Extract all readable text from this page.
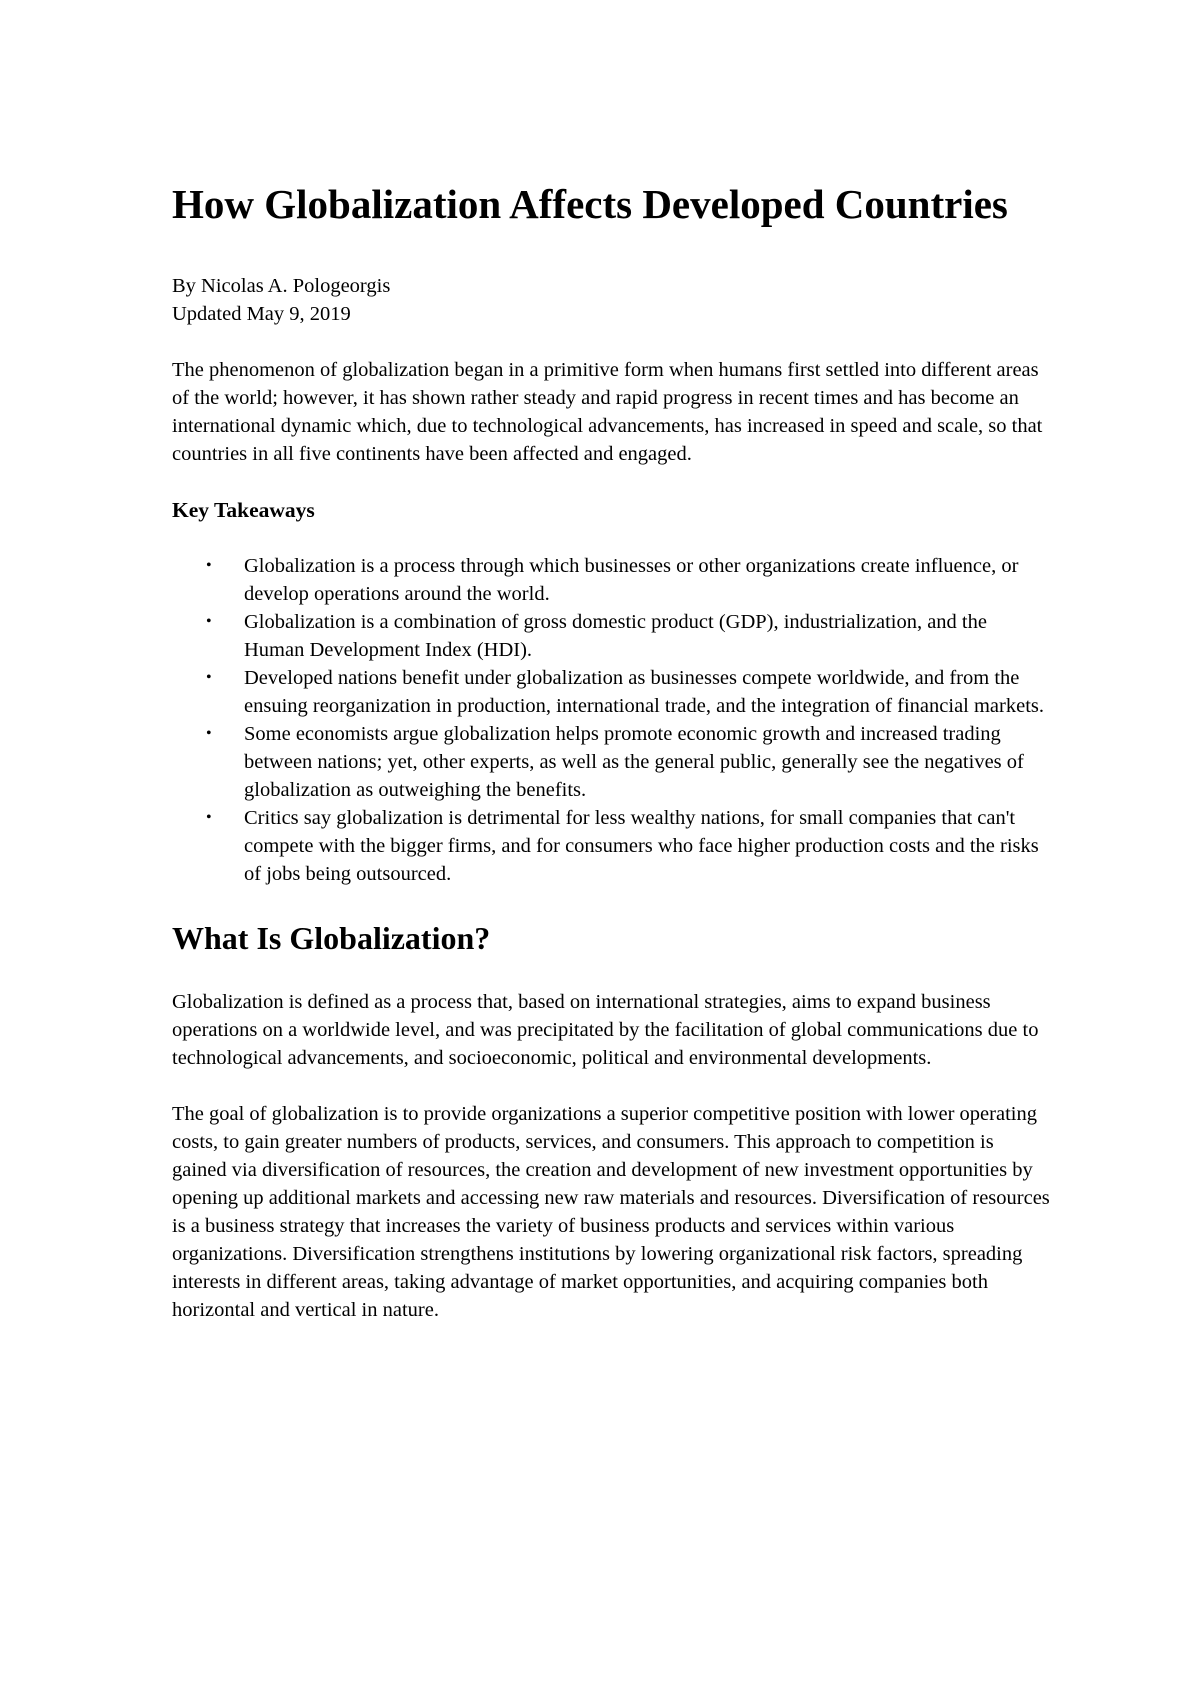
How Globalization Affects Developed Countries
By Nicolas A. Pologeorgis
Updated May 9, 2019

The phenomenon of globalization began in a primitive form when humans first settled into different areas of the world; however, it has shown rather steady and rapid progress in recent times and has become an international dynamic which, due to technological advancements, has increased in speed and scale, so that countries in all five continents have been affected and engaged.

Key Takeaways
• Globalization is a process through which businesses or other organizations create influence, or develop operations around the world.
• Globalization is a combination of gross domestic product (GDP), industrialization, and the Human Development Index (HDI).
• Developed nations benefit under globalization as businesses compete worldwide, and from the ensuing reorganization in production, international trade, and the integration of financial markets.
• Some economists argue globalization helps promote economic growth and increased trading between nations; yet, other experts, as well as the general public, generally see the negatives of globalization as outweighing the benefits.
• Critics say globalization is detrimental for less wealthy nations, for small companies that can't compete with the bigger firms, and for consumers who face higher production costs and the risks of jobs being outsourced.
What Is Globalization?

Globalization is defined as a process that, based on international strategies, aims to expand business operations on a worldwide level, and was precipitated by the facilitation of global communications due to technological advancements, and socioeconomic, political and environmental developments.

The goal of globalization is to provide organizations a superior competitive position with lower operating costs, to gain greater numbers of products, services, and consumers. This approach to competition is gained via diversification of resources, the creation and development of new investment opportunities by opening up additional markets and accessing new raw materials and resources. Diversification of resources is a business strategy that increases the variety of business products and services within various organizations. Diversification strengthens institutions by lowering organizational risk factors, spreading interests in different areas, taking advantage of market opportunities, and acquiring companies both horizontal and vertical in nature.
